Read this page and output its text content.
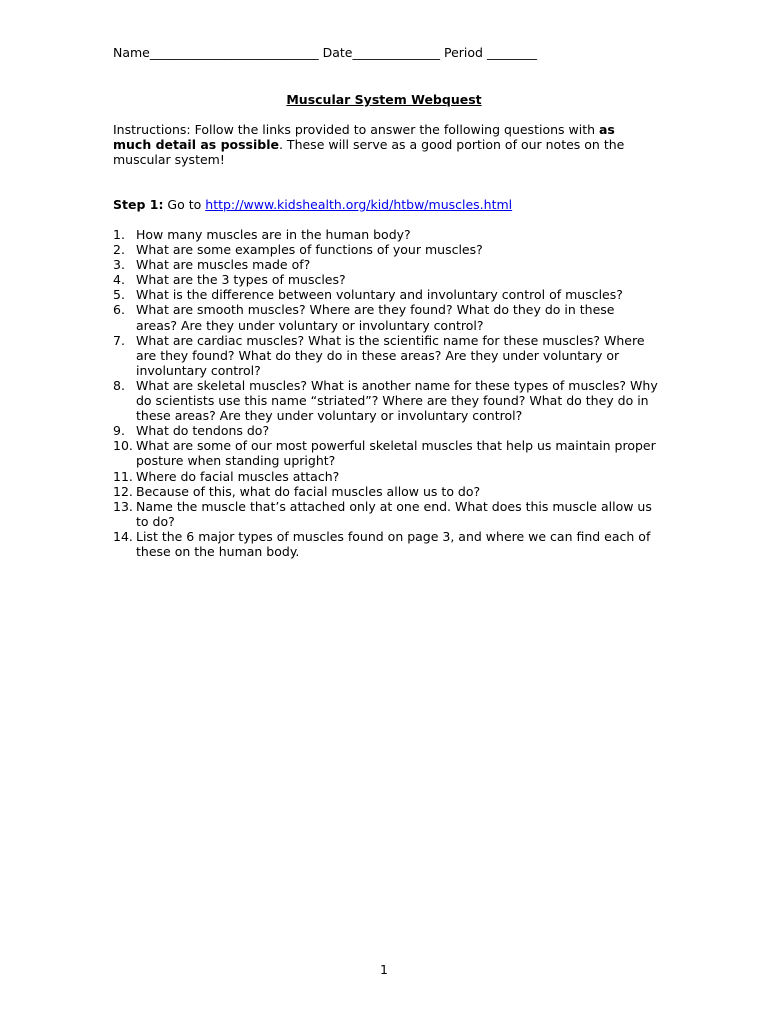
Name___________________________ Date______________ Period ________
Muscular System Webquest
Instructions: Follow the links provided to answer the following questions with as much detail as possible. These will serve as a good portion of our notes on the muscular system!
Step 1: Go to http://www.kidshealth.org/kid/htbw/muscles.html
1. How many muscles are in the human body?
2. What are some examples of functions of your muscles?
3. What are muscles made of?
4. What are the 3 types of muscles?
5. What is the difference between voluntary and involuntary control of muscles?
6. What are smooth muscles? Where are they found? What do they do in these areas? Are they under voluntary or involuntary control?
7. What are cardiac muscles? What is the scientific name for these muscles? Where are they found? What do they do in these areas? Are they under voluntary or involuntary control?
8. What are skeletal muscles? What is another name for these types of muscles? Why do scientists use this name “striated”? Where are they found? What do they do in these areas? Are they under voluntary or involuntary control?
9. What do tendons do?
10. What are some of our most powerful skeletal muscles that help us maintain proper posture when standing upright?
11. Where do facial muscles attach?
12. Because of this, what do facial muscles allow us to do?
13. Name the muscle that’s attached only at one end. What does this muscle allow us to do?
14. List the 6 major types of muscles found on page 3, and where we can find each of these on the human body.
1
